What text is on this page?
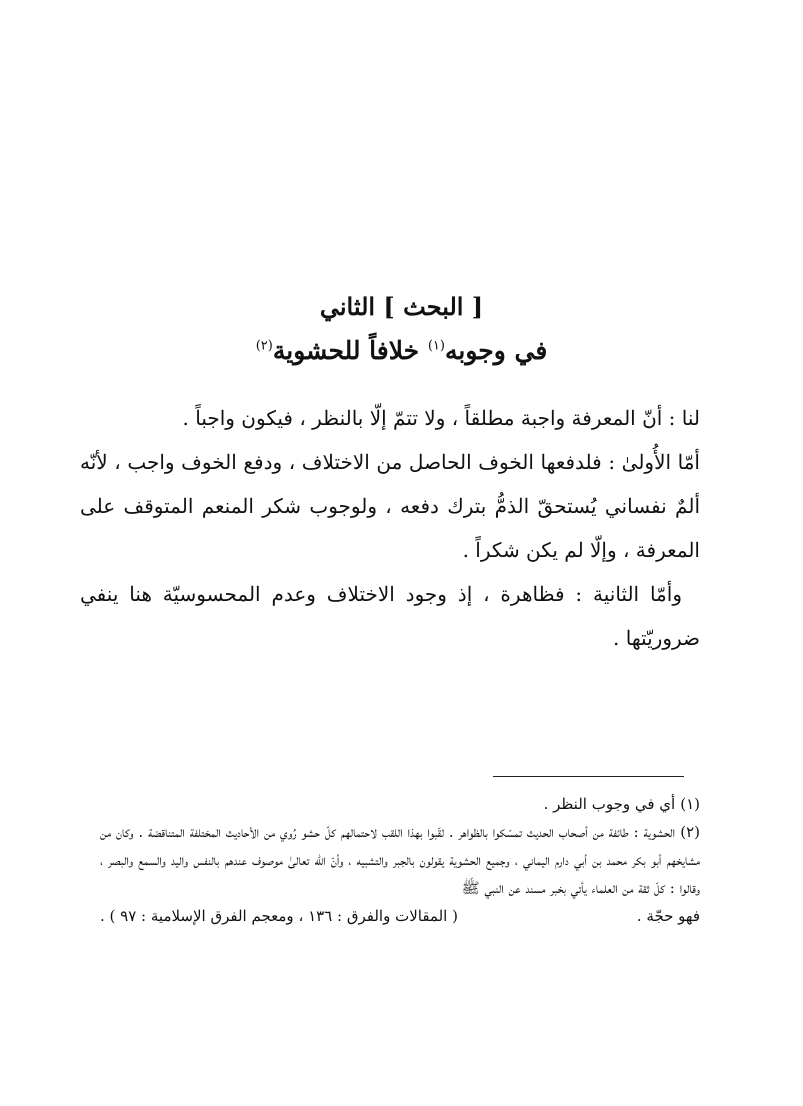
[ البحث ] الثاني
في وجوبه$^{(١)}$ خلافاً للحشوية$^{(٢)}$
لنا : أنّ المعرفة واجبة مطلقاً ، ولا تتمّ إلّا بالنظر ، فيكون واجباً .
أمّا الأُولىٰ : فلدفعها الخوف الحاصل من الاختلاف ، ودفع الخوف واجب ، لأنّه ألمٌ نفساني يُستحقّ الذمُّ بترك دفعه ، ولوجوب شكر المنعم المتوقف على المعرفة ، وإلّا لم يكن شكراً .
وأمّا الثانية : فظاهرة ، إذ وجود الاختلاف وعدم المحسوسيّة هنا ينفي ضروريّتها .

(١) أي في وجوب النظر .

(٢) الحشوية : طائفة من أصحاب الحديث تمسّكوا بالظواهر . لقّبوا بهذا اللقب لاحتمالهم كلّ حشو رُوي من الأحاديث المختلفة المتناقضة . وكان من مشايخهم أبو بكر محمد بن أبي دارم اليماني ، وجميع الحشوية يقولون بالجبر والتشبيه ، وأنّ اللّه تعالىٰ موصوف عندهم بالنفس واليد والسمع والبصر ، وقالوا : كلّ ثقة من العلماء يأتي بخبر مسند عن النبي ﷺ

فهو حجّة .
( المقالات والفرق : ١٣٦ ، ومعجم الفرق الإسلامية : ٩٧ ) .
